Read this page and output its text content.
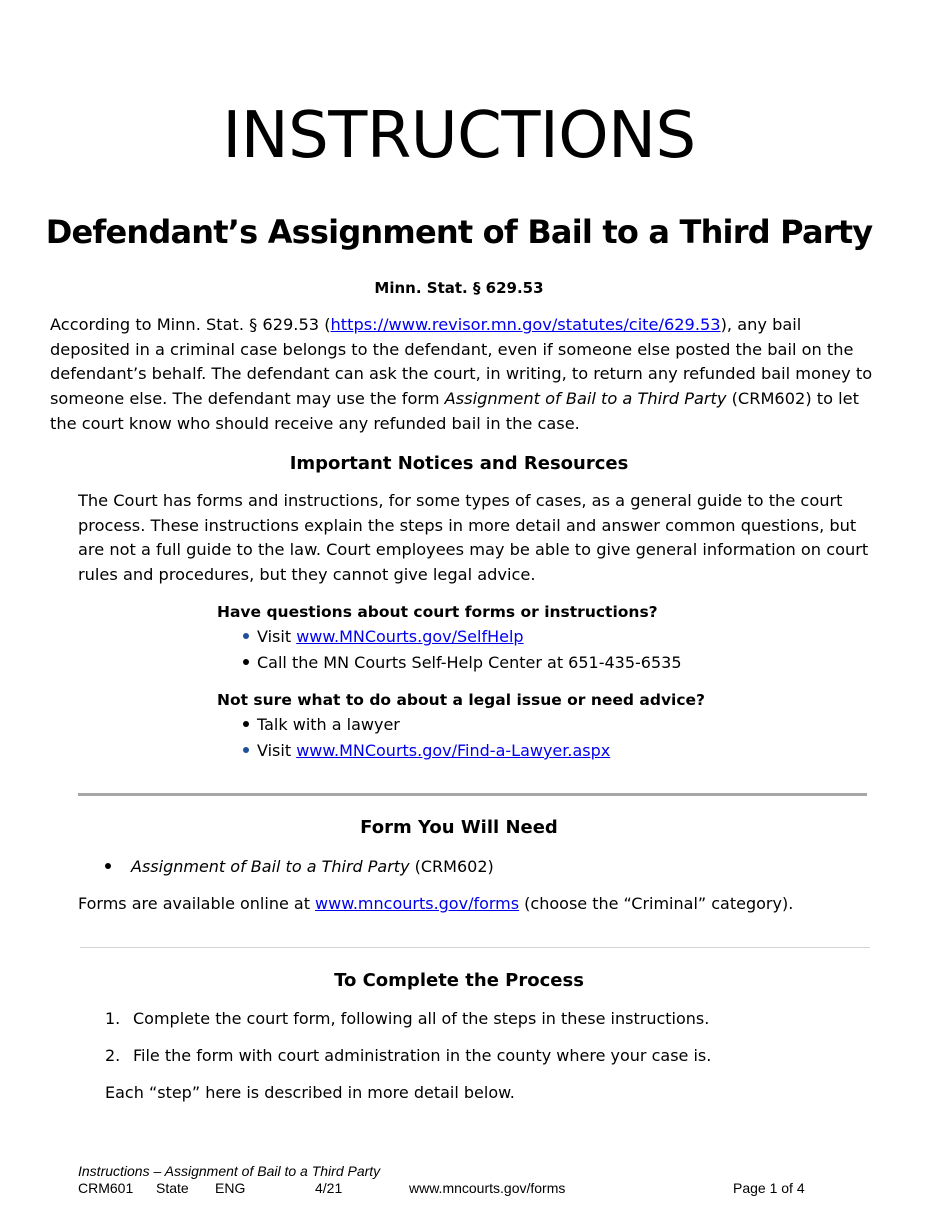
INSTRUCTIONS
Defendant’s Assignment of Bail to a Third Party
Minn. Stat. § 629.53
According to Minn. Stat. § 629.53 (https://www.revisor.mn.gov/statutes/cite/629.53), any bail deposited in a criminal case belongs to the defendant, even if someone else posted the bail on the defendant’s behalf. The defendant can ask the court, in writing, to return any refunded bail money to someone else. The defendant may use the form Assignment of Bail to a Third Party (CRM602) to let the court know who should receive any refunded bail in the case.
Important Notices and Resources
The Court has forms and instructions, for some types of cases, as a general guide to the court process. These instructions explain the steps in more detail and answer common questions, but are not a full guide to the law. Court employees may be able to give general information on court rules and procedures, but they cannot give legal advice.
Have questions about court forms or instructions?
Visit www.MNCourts.gov/SelfHelp
Call the MN Courts Self-Help Center at 651-435-6535
Not sure what to do about a legal issue or need advice?
Talk with a lawyer
Visit www.MNCourts.gov/Find-a-Lawyer.aspx
Form You Will Need
Assignment of Bail to a Third Party (CRM602)
Forms are available online at www.mncourts.gov/forms (choose the “Criminal” category).
To Complete the Process
1. Complete the court form, following all of the steps in these instructions.
2. File the form with court administration in the county where your case is.
Each “step” here is described in more detail below.
Instructions – Assignment of Bail to a Third Party
CRM601 State ENG	4/21	www.mncourts.gov/forms	Page 1 of 4
